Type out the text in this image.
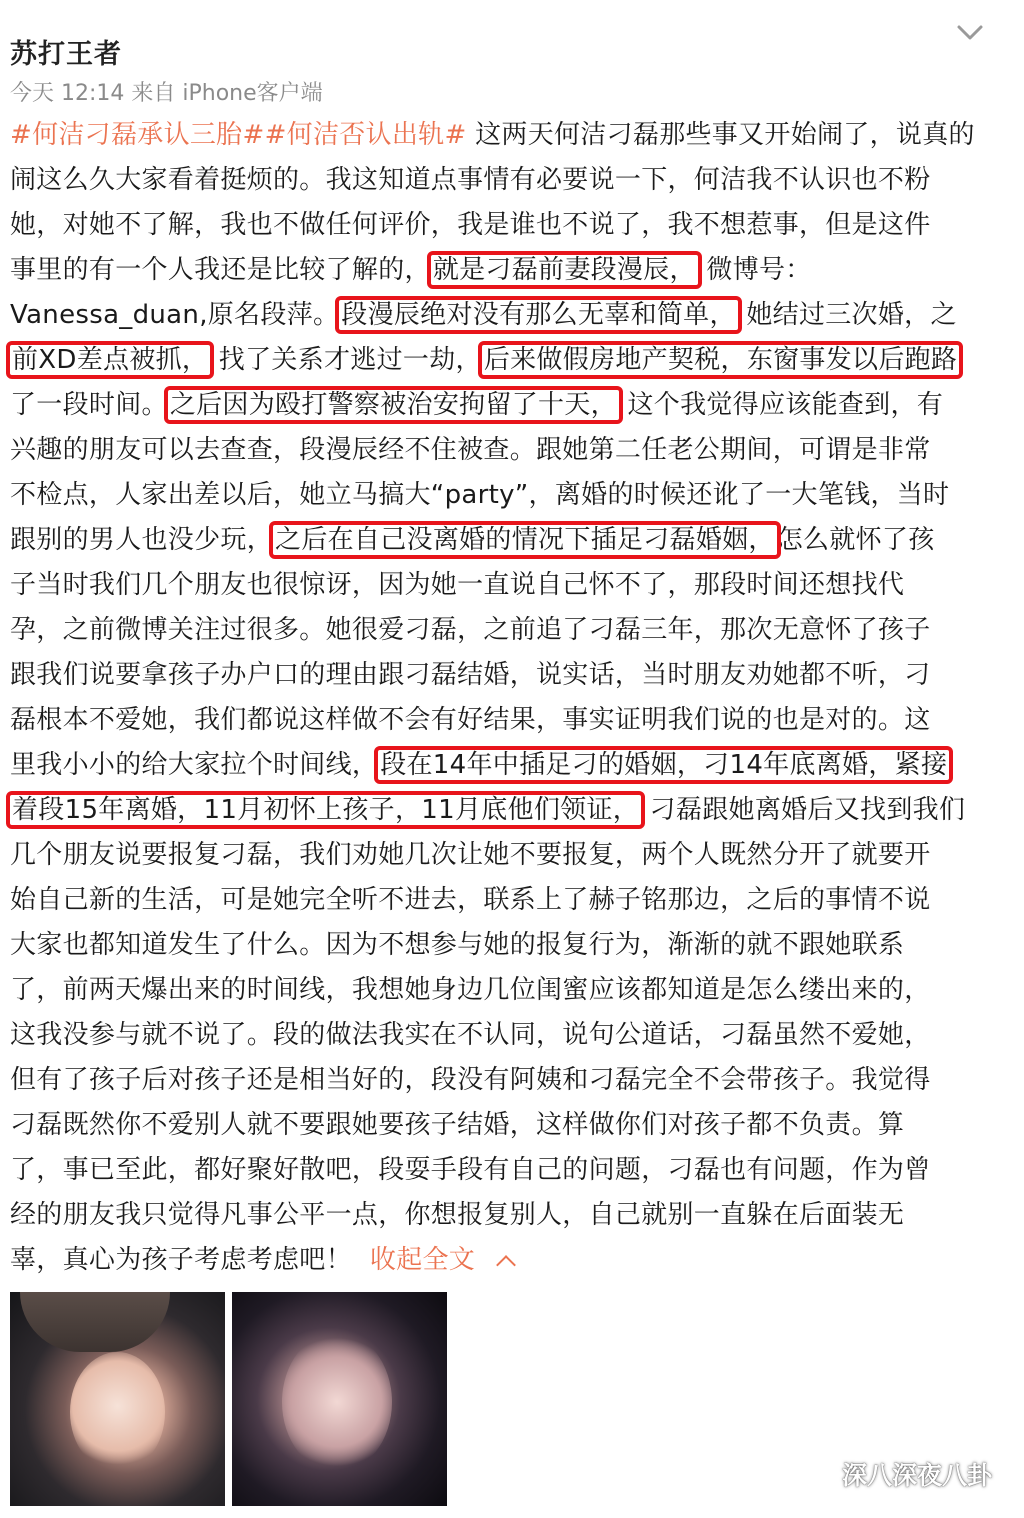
苏打王者
今天 12:14 来自 iPhone客户端
#何洁刁磊承认三胎##何洁否认出轨# 这两天何洁刁磊那些事又开始闹了，说真的
闹这么久大家看着挺烦的。我这知道点事情有必要说一下，何洁我不认识也不粉
她，对她不了解，我也不做任何评价，我是谁也不说了，我不想惹事，但是这件
事里的有一个人我还是比较了解的，就是刁磊前妻段漫辰， 微博号：
Vanessa_duan,原名段萍。段漫辰绝对没有那么无辜和简单， 她结过三次婚，之
前XD差点被抓， 找了关系才逃过一劫，后来做假房地产契税，东窗事发以后跑路
了一段时间。之后因为殴打警察被治安拘留了十天， 这个我觉得应该能查到，有
兴趣的朋友可以去查查，段漫辰经不住被查。跟她第二任老公期间，可谓是非常
不检点，人家出差以后，她立马搞大“party”，离婚的时候还讹了一大笔钱，当时
跟别的男人也没少玩，之后在自己没离婚的情况下插足刁磊婚姻，怎么就怀了孩
子当时我们几个朋友也很惊讶，因为她一直说自己怀不了，那段时间还想找代
孕，之前微博关注过很多。她很爱刁磊，之前追了刁磊三年，那次无意怀了孩子
跟我们说要拿孩子办户口的理由跟刁磊结婚，说实话，当时朋友劝她都不听，刁
磊根本不爱她，我们都说这样做不会有好结果，事实证明我们说的也是对的。这
里我小小的给大家拉个时间线，段在14年中插足刁的婚姻，刁14年底离婚，紧接
着段15年离婚，11月初怀上孩子，11月底他们领证， 刁磊跟她离婚后又找到我们
几个朋友说要报复刁磊，我们劝她几次让她不要报复，两个人既然分开了就要开
始自己新的生活，可是她完全听不进去，联系上了赫子铭那边，之后的事情不说
大家也都知道发生了什么。因为不想参与她的报复行为，渐渐的就不跟她联系
了，前两天爆出来的时间线，我想她身边几位闺蜜应该都知道是怎么缕出来的，
这我没参与就不说了。段的做法我实在不认同，说句公道话，刁磊虽然不爱她，
但有了孩子后对孩子还是相当好的，段没有阿姨和刁磊完全不会带孩子。我觉得
刁磊既然你不爱别人就不要跟她要孩子结婚，这样做你们对孩子都不负责。算
了，事已至此，都好聚好散吧，段耍手段有自己的问题，刁磊也有问题，作为曾
经的朋友我只觉得凡事公平一点，你想报复别人，自己就别一直躲在后面装无
辜，真心为孩子考虑考虑吧！ 收起全文
深八深夜八卦
